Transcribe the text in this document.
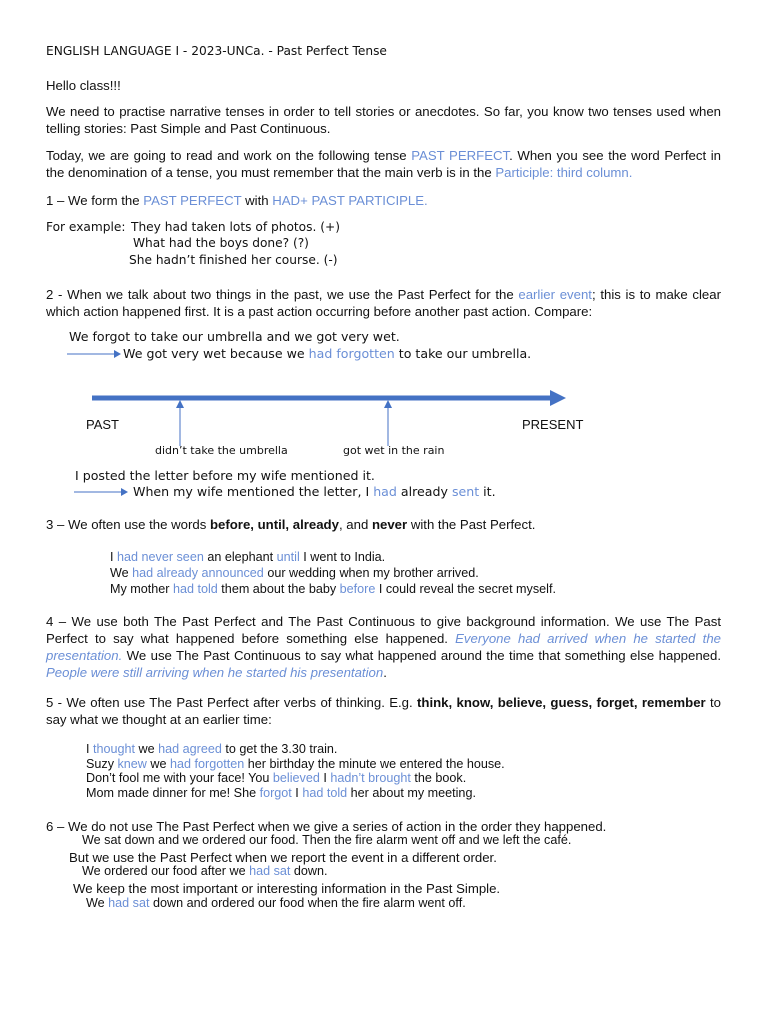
ENGLISH LANGUAGE I - 2023-UNCa. - Past Perfect Tense
Hello class!!!
We need to practise narrative tenses in order to tell stories or anecdotes. So far, you know two tenses used when telling stories: Past Simple and Past Continuous.
Today, we are going to read and work on the following tense PAST PERFECT. When you see the word Perfect in the denomination of a tense, you must remember that the main verb is in the Participle: third column.
1 – We form the PAST PERFECT with HAD+ PAST PARTICIPLE.
For example: They had taken lots of photos. (+)
What had the boys done? (?)
She hadn’t finished her course. (-)
2 - When we talk about two things in the past, we use the Past Perfect for the earlier event; this is to make clear which action happened first. It is a past action occurring before another past action. Compare:
We forgot to take our umbrella and we got very wet.
We got very wet because we had forgotten to take our umbrella.
PAST	PRESENT
didn’t take the umbrella	got wet in the rain
I posted the letter before my wife mentioned it.
When my wife mentioned the letter, I had already sent it.
3 – We often use the words before, until, already, and never with the Past Perfect.
I had never seen an elephant until I went to India.
We had already announced our wedding when my brother arrived.
My mother had told them about the baby before I could reveal the secret myself.
4 – We use both The Past Perfect and The Past Continuous to give background information. We use The Past Perfect to say what happened before something else happened. Everyone had arrived when he started the presentation. We use The Past Continuous to say what happened around the time that something else happened. People were still arriving when he started his presentation.
5 - We often use The Past Perfect after verbs of thinking. E.g. think, know, believe, guess, forget, remember to say what we thought at an earlier time:
I thought we had agreed to get the 3.30 train.
Suzy knew we had forgotten her birthday the minute we entered the house.
Don’t fool me with your face! You believed I hadn’t brought the book.
Mom made dinner for me! She forgot I had told her about my meeting.
6 – We do not use The Past Perfect when we give a series of action in the order they happened.
We sat down and we ordered our food. Then the fire alarm went off and we left the café.
But we use the Past Perfect when we report the event in a different order.
We ordered our food after we had sat down.
We keep the most important or interesting information in the Past Simple.
We had sat down and ordered our food when the fire alarm went off.
